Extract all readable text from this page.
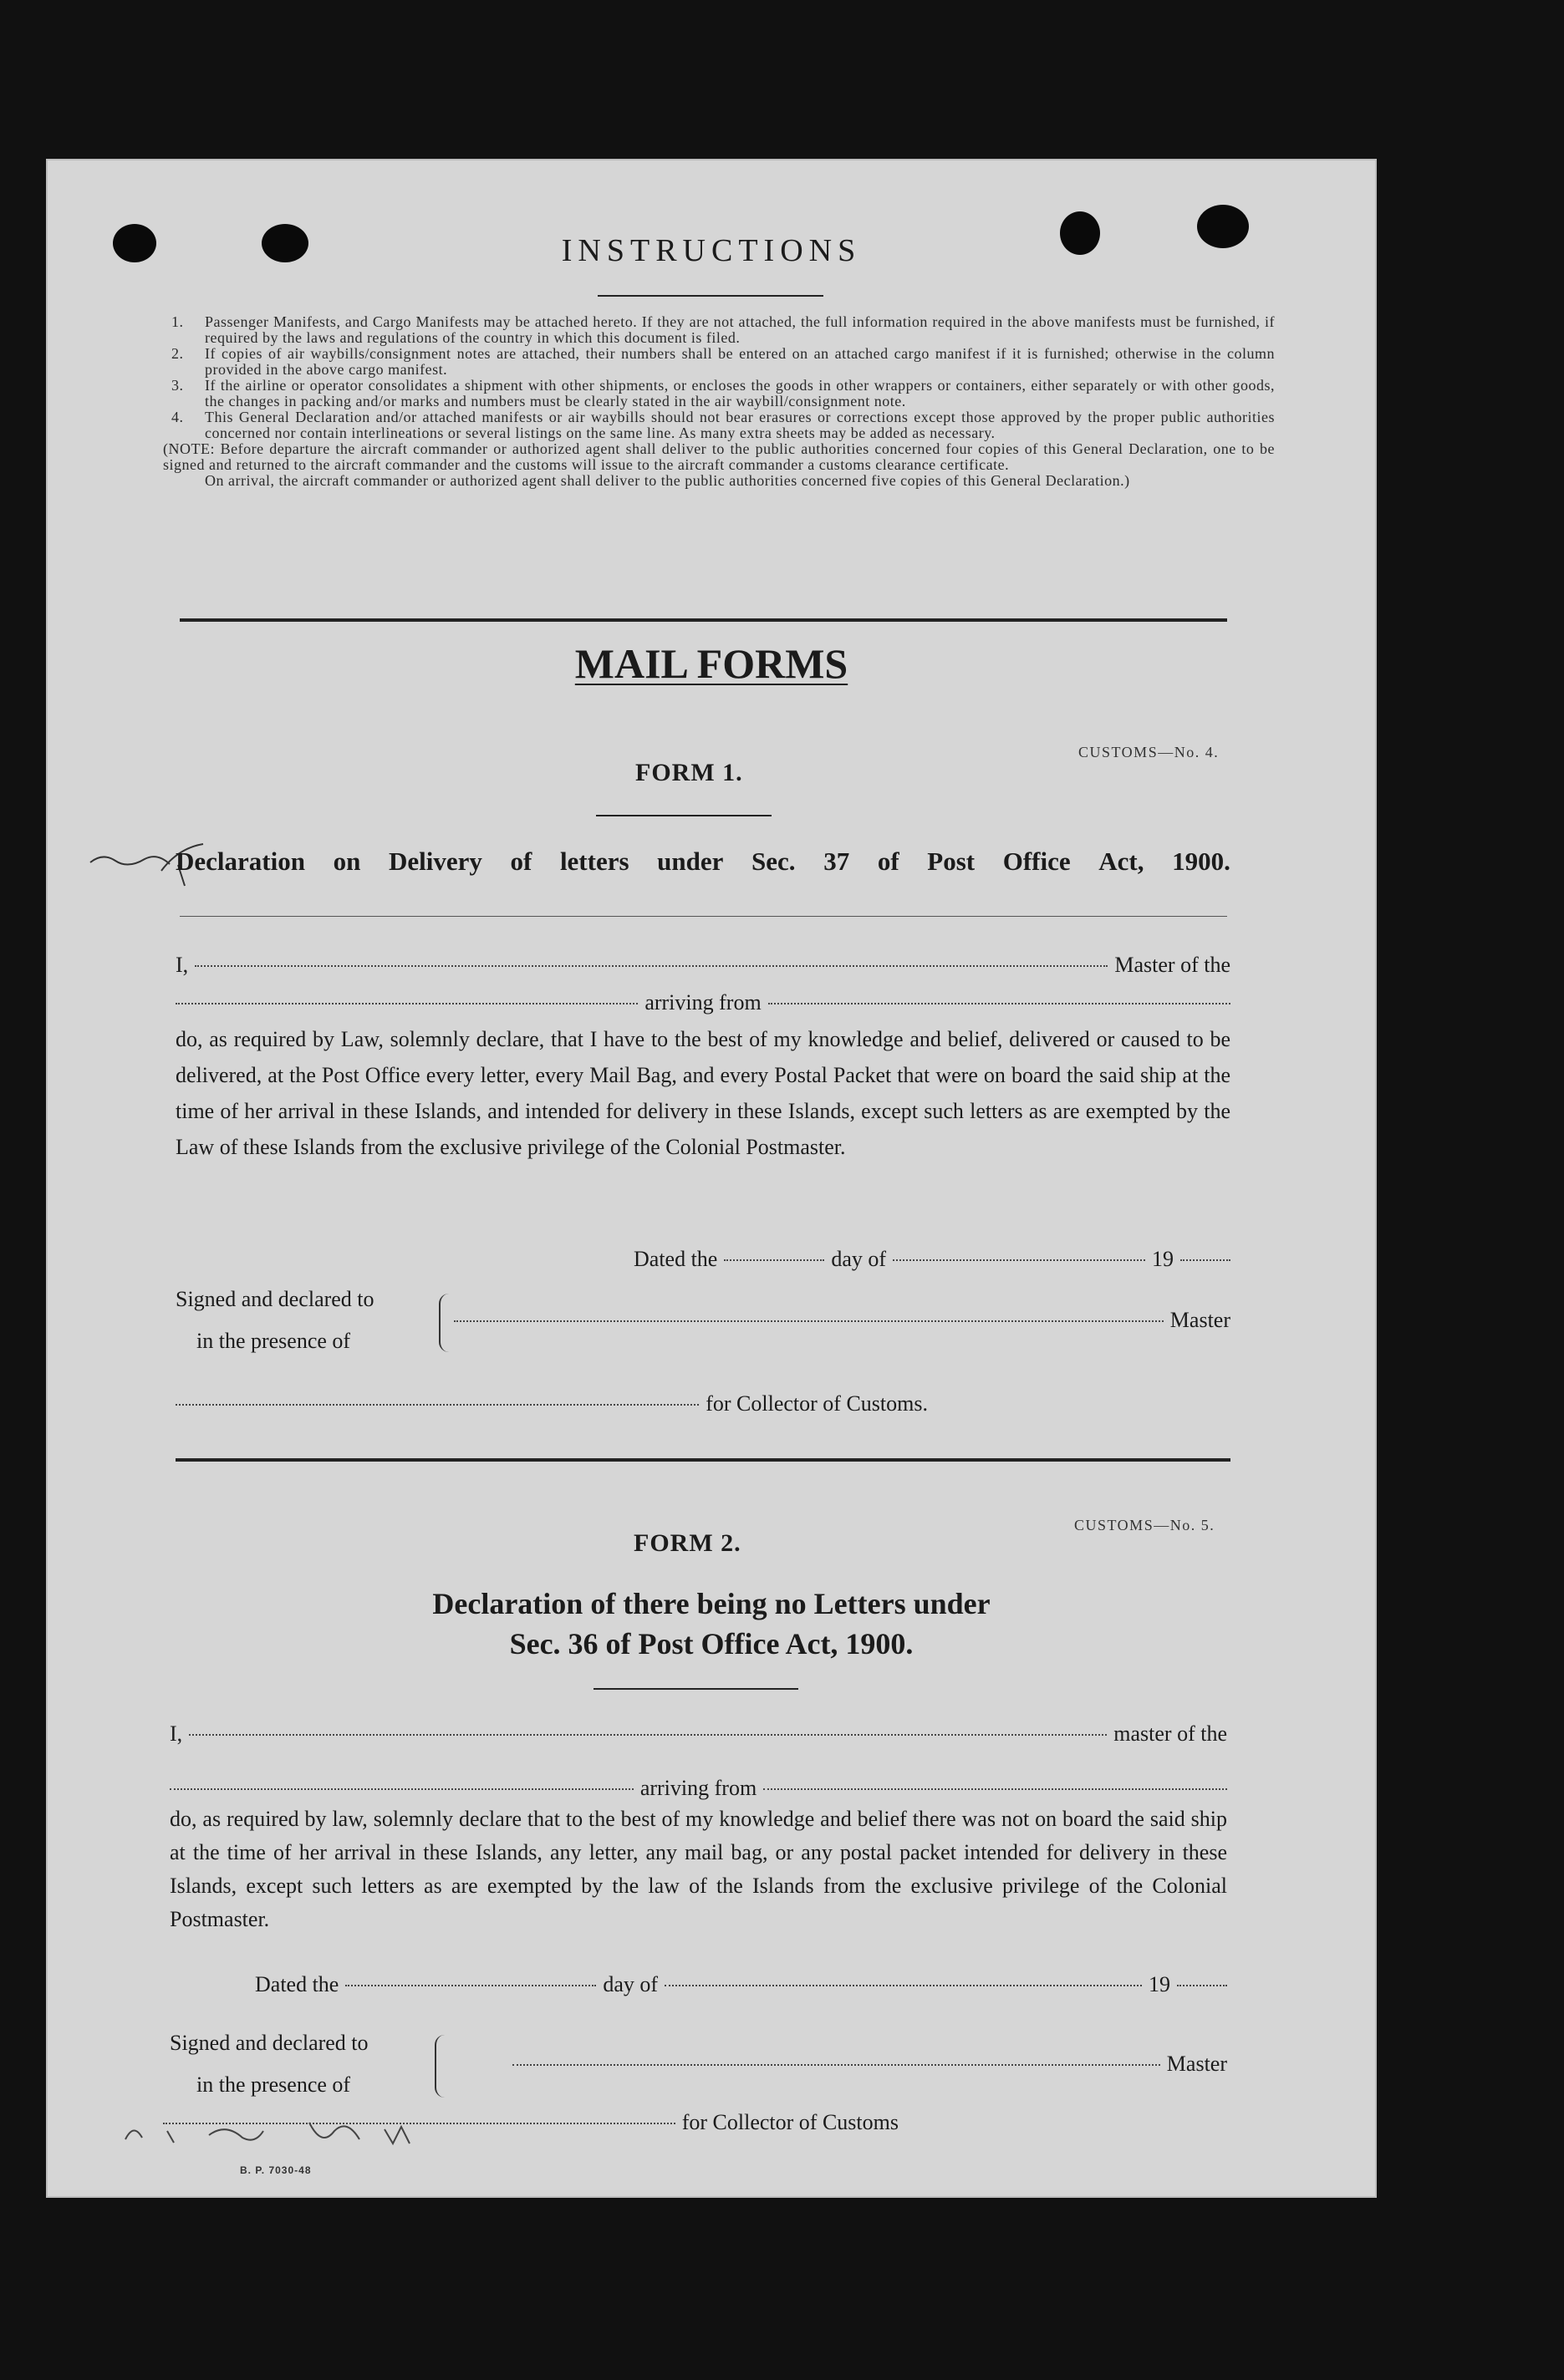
INSTRUCTIONS
1.	Passenger Manifests, and Cargo Manifests may be attached hereto. If they are not attached, the full information required in the above manifests must be furnished, if required by the laws and regulations of the country in which this document is filed.
2.	If copies of air waybills/consignment notes are attached, their numbers shall be entered on an attached cargo manifest if it is furnished; otherwise in the column provided in the above cargo manifest.
3.	If the airline or operator consolidates a shipment with other shipments, or encloses the goods in other wrappers or containers, either separately or with other goods, the changes in packing and/or marks and numbers must be clearly stated in the air waybill/consignment note.
4.	This General Declaration and/or attached manifests or air waybills should not bear erasures or corrections except those approved by the proper public authorities concerned nor contain interlineations or several listings on the same line. As many extra sheets may be added as necessary.
(NOTE: Before departure the aircraft commander or authorized agent shall deliver to the public authorities concerned four copies of this General Declaration, one to be signed and returned to the aircraft commander and the customs will issue to the aircraft commander a customs clearance certificate.
On arrival, the aircraft commander or authorized agent shall deliver to the public authorities concerned five copies of this General Declaration.)
MAIL FORMS
CUSTOMS—No. 4.
FORM 1.
Declaration on Delivery of letters under Sec. 37 of Post Office Act, 1900.
I,	Master of the
arriving from
do, as required by Law, solemnly declare, that I have to the best of my knowledge and belief, delivered or caused to be delivered, at the Post Office every letter, every Mail Bag, and every Postal Packet that were on board the said ship at the time of her arrival in these Islands, and intended for delivery in these Islands, except such letters as are exempted by the Law of these Islands from the exclusive privilege of the Colonial Postmaster.
Dated the	day of	19
Signed and declared to
in the presence of
Master
for Collector of Customs.
CUSTOMS—No. 5.
FORM 2.
Declaration of there being no Letters under
Sec. 36 of Post Office Act, 1900.
I,	master of the
arriving from
do, as required by law, solemnly declare that to the best of my knowledge and belief there was not on board the said ship at the time of her arrival in these Islands, any letter, any mail bag, or any postal packet intended for delivery in these Islands, except such letters as are exempted by the law of the Islands from the exclusive privilege of the Colonial Postmaster.
Dated the	day of	19
Signed and declared to
in the presence of
Master
for Collector of Customs
B. P. 7030-48
